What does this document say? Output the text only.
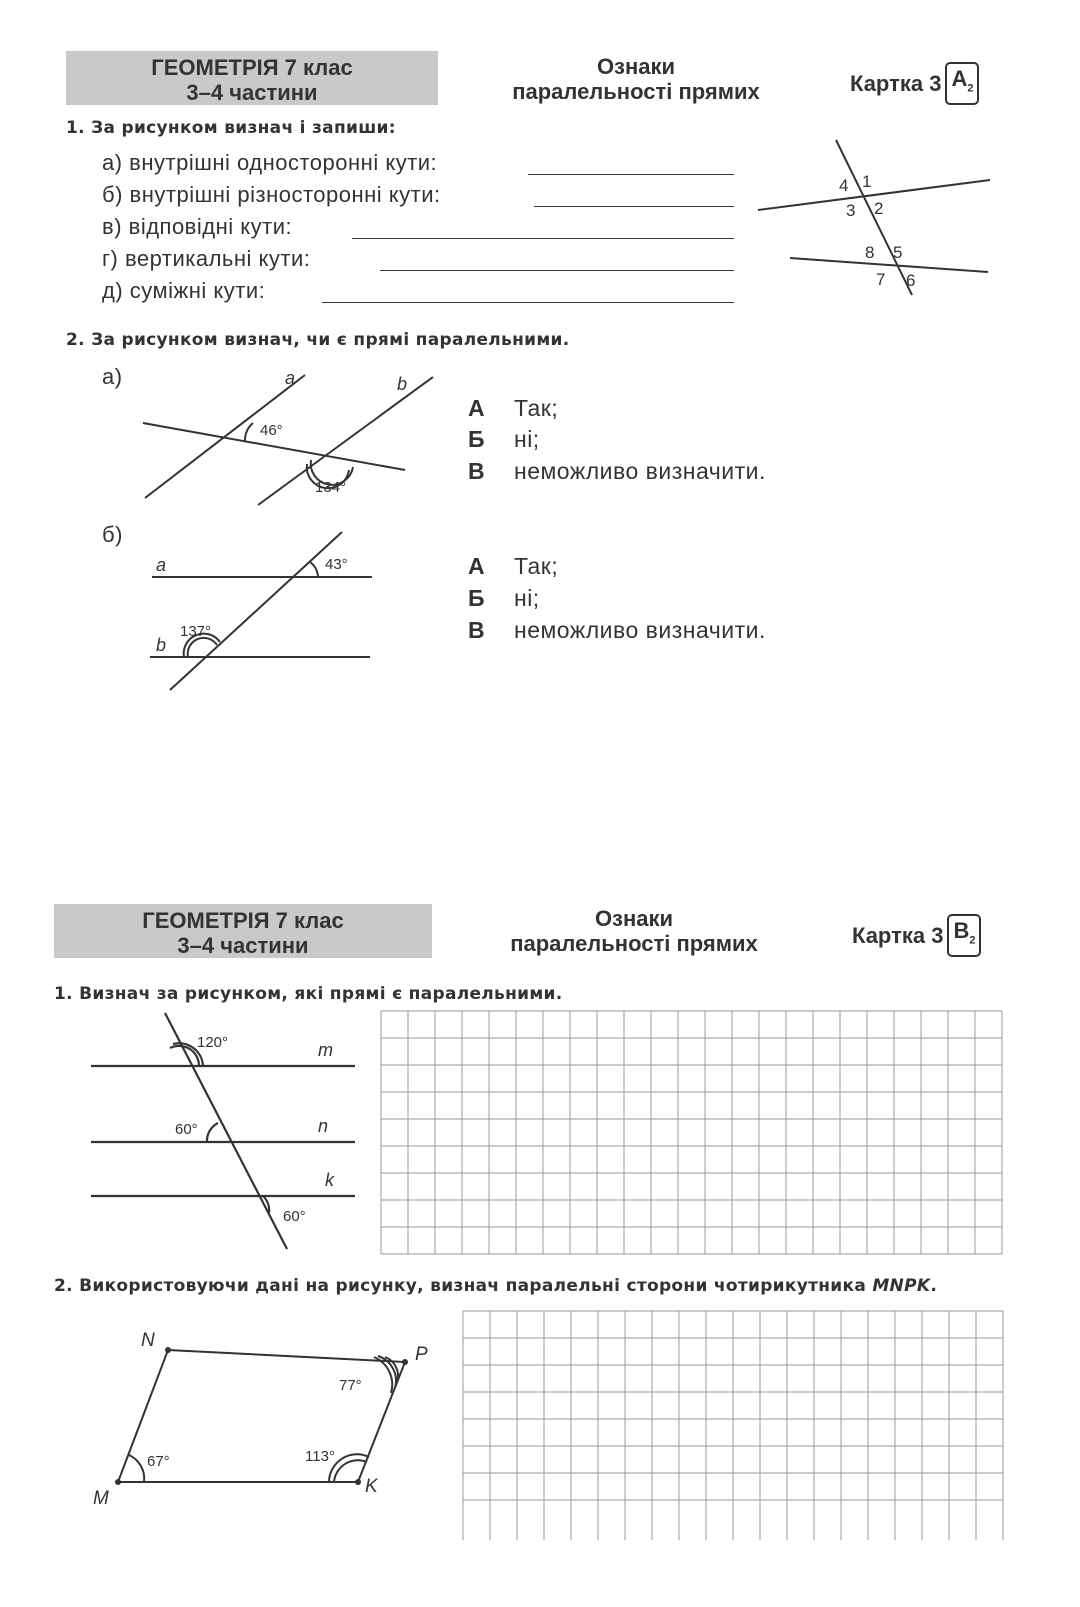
ГЕОМЕТРІЯ 7 клас
3–4 частини
Ознаки
паралельності прямих	Картка 3 $А_2$
1. За рисунком визнач і запиши:
а) внутрішні односторонні кути:
б) внутрішні різносторонні кути:
в) відповідні кути:
г) вертикальні кути:
д) суміжні кути:
4 1
3 2
8 5
7 6
2. За рисунком визнач, чи є прямі паралельними.
а)	a	b
46°
134°
А Так;
Б ні;
В неможливо визначити.
б)
a
b
43°
137°
А Так;
Б ні;
В неможливо визначити.
ГЕОМЕТРІЯ 7 клас
3–4 частини
Ознаки
паралельності прямих	Картка 3 $В_2$
1. Визнач за рисунком, які прямі є паралельними.
120°
60°
60°
m
n
k
2. Використовуючи дані на рисунку, визнач паралельні сторони чотирикутника MNPK.
N
P
M
K
77°
67°	113°
